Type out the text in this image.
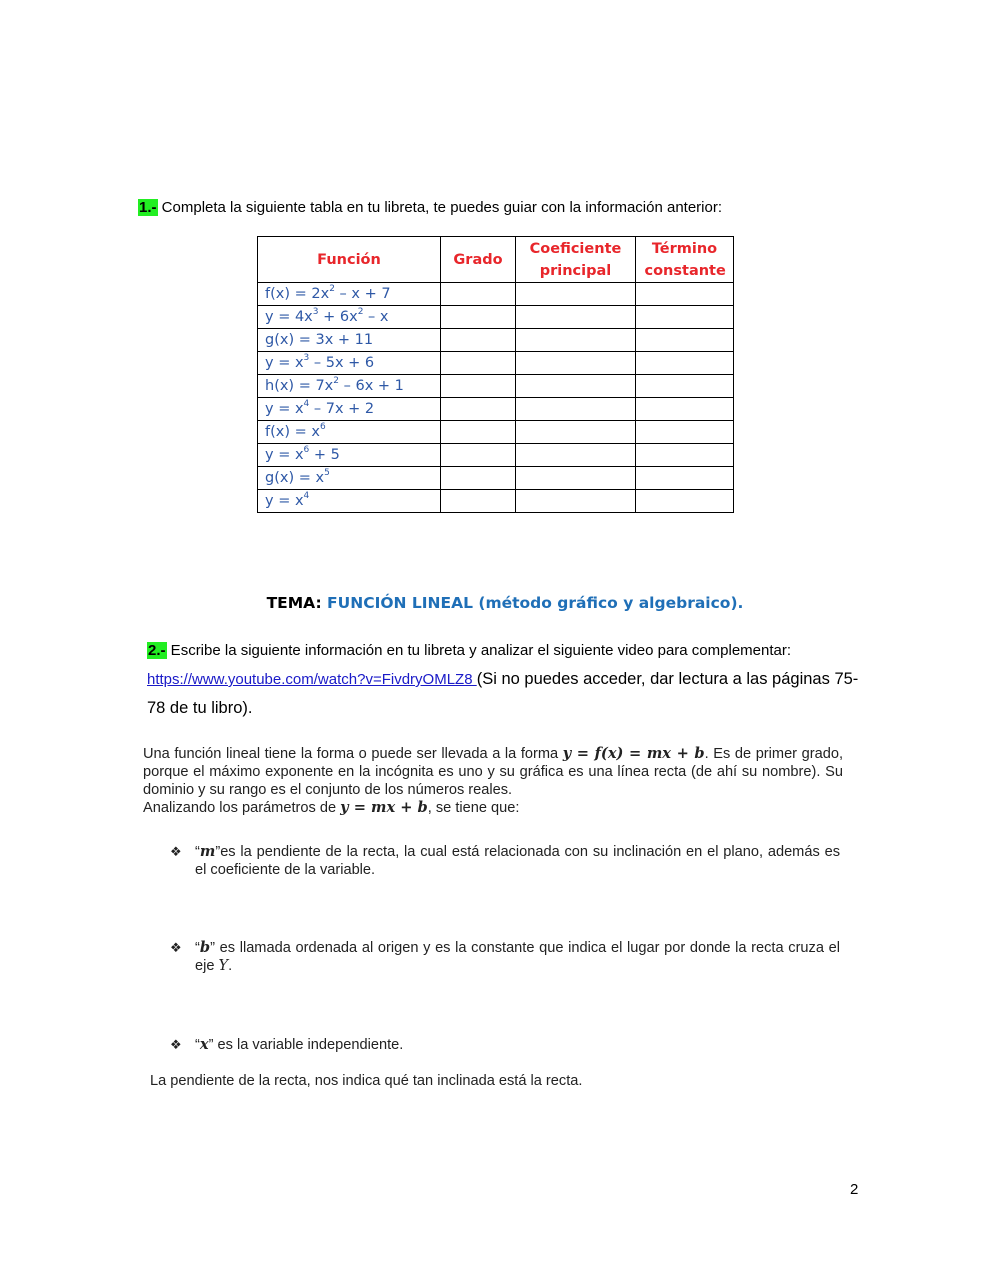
1.- Completa la siguiente tabla en tu libreta, te puedes guiar con la información anterior:
Función	Grado	Coeficiente principal	Término constante
$f(x) = 2x^2 - x + 7$			
$y = 4x^3 + 6x^2 - x$			
g(x) = 3x + 11			
$y = x^3 - 5x + 6$			
$h(x) = 7x^2 - 6x + 1$			
$y = x^4 - 7x + 2$			
$f(x) = x^6$			
$y = x^6 + 5$			
$g(x) = x^5$			
$y = x^4$			
TEMA: FUNCIÓN LINEAL (método gráfico y algebraico).
2.- Escribe la siguiente información en tu libreta y analizar el siguiente video para complementar: https://www.youtube.com/watch?v=FivdryOMLZ8 (Si no puedes acceder, dar lectura a las páginas 75-78 de tu libro).
Una función lineal tiene la forma o puede ser llevada a la forma y = f(x) = mx + b. Es de primer grado, porque el máximo exponente en la incógnita es uno y su gráfica es una línea recta (de ahí su nombre). Su dominio y su rango es el conjunto de los números reales.
Analizando los parámetros de y = mx + b, se tiene que:
❖ “m”es la pendiente de la recta, la cual está relacionada con su inclinación en el plano, además es el coeficiente de la variable.
❖ “b” es llamada ordenada al origen y es la constante que indica el lugar por donde la recta cruza el eje Y.
❖ “x” es la variable independiente.
La pendiente de la recta, nos indica qué tan inclinada está la recta.
2
